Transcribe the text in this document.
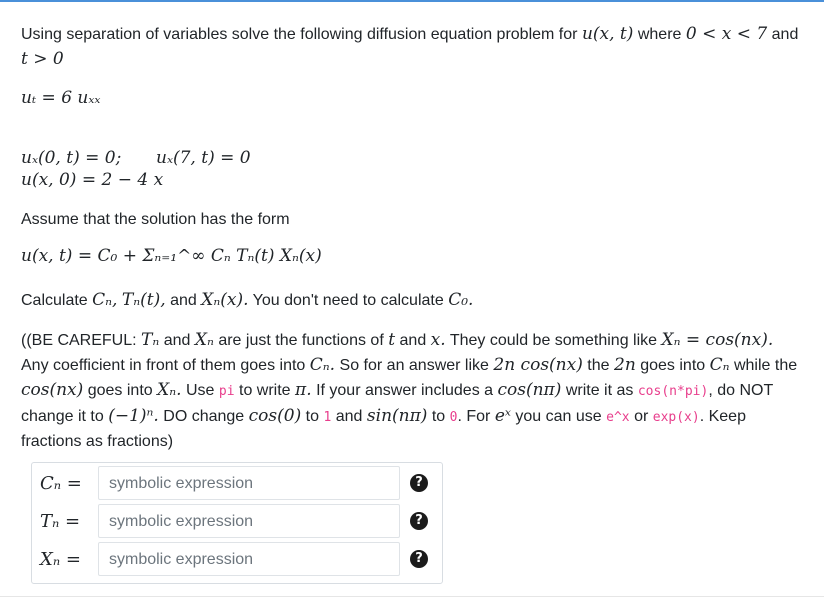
Using separation of variables solve the following diffusion equation problem for u(x, t) where 0 < x < 7 and
t > 0

uₜ = 6 uₓₓ
uₓ(0, t) = 0; uₓ(7, t) = 0
u(x, 0) = 2 − 4 x
Assume that the solution has the form
u(x, t) = C₀ + Σₙ₌₁^∞ Cₙ Tₙ(t) Xₙ(x)

Calculate Cₙ, Tₙ(t), and Xₙ(x). You don't need to calculate C₀.

((BE CAREFUL: Tₙ and Xₙ are just the functions of t and x. They could be something like Xₙ = cos(nx). Any coefficient in front of them goes into Cₙ. So for an answer like 2n cos(nx) the 2n goes into Cₙ while the cos(nx) goes into Xₙ. Use pi to write π. If your answer includes a cos(nπ) write it as cos(n*pi), do NOT change it to (−1)ⁿ. DO change cos(0) to 1 and sin(nπ) to 0. For eˣ you can use e^x or exp(x). Keep fractions as fractions)

Cₙ =	symbolic expression	?
Tₙ =	symbolic expression	?
Xₙ =	symbolic expression	?
